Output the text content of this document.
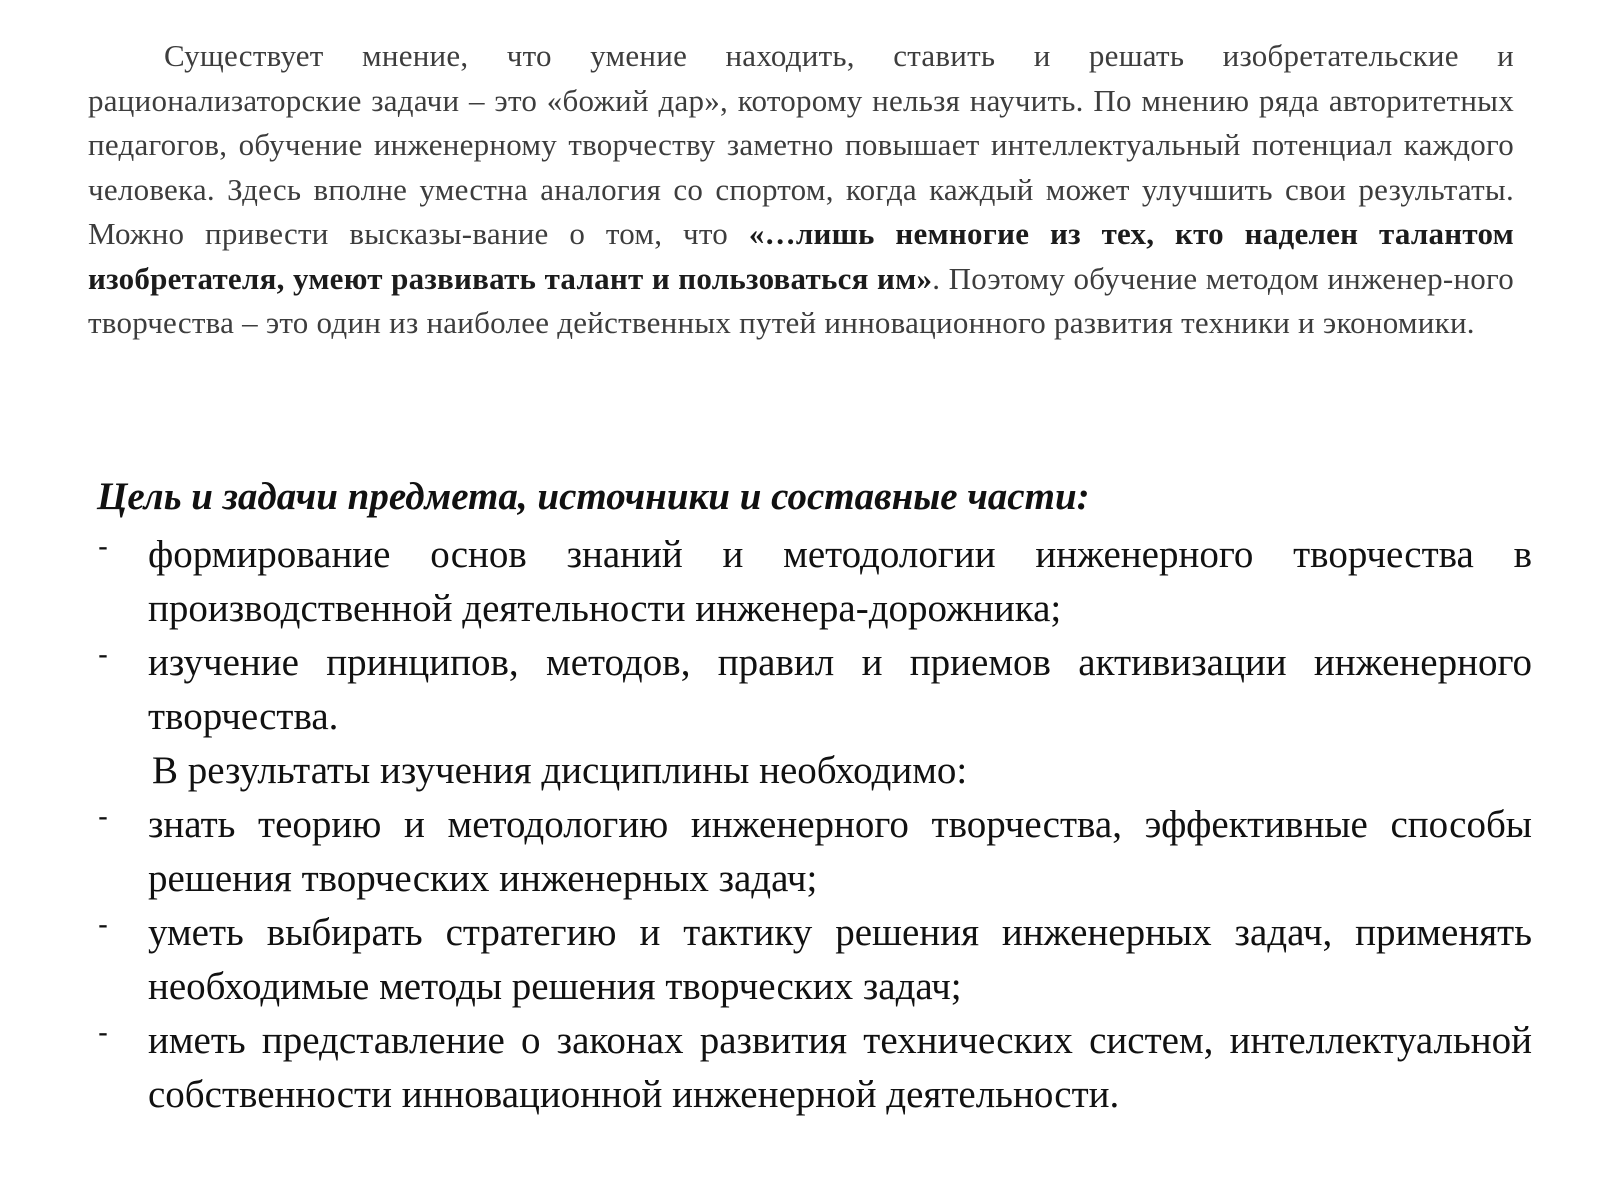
Существует мнение, что умение находить, ставить и решать изобретательские и рационализаторские задачи – это «божий дар», которому нельзя научить. По мнению ряда авторитетных педагогов, обучение инженерному творчеству заметно повышает интеллектуальный потенциал каждого человека. Здесь вполне уместна аналогия со спортом, когда каждый может улучшить свои результаты. Можно привести высказы-вание о том, что «…лишь немногие из тех, кто наделен талантом изобретателя, умеют развивать талант и пользоваться им». Поэтому обучение методом инженер-ного творчества – это один из наиболее действенных путей инновационного развития техники и экономики.

Цель и задачи предмета, источники и составные части:
- формирование основ знаний и методологии инженерного творчества в производственной деятельности инженера-дорожника;
- изучение принципов, методов, правил и приемов активизации инженерного творчества.

В результаты изучения дисциплины необходимо:

- знать теорию и методологию инженерного творчества, эффективные способы решения творческих инженерных задач;
- уметь выбирать стратегию и тактику решения инженерных задач, применять необходимые методы решения творческих задач;
- иметь представление о законах развития технических систем, интеллектуальной собственности инновационной инженерной деятельности.
